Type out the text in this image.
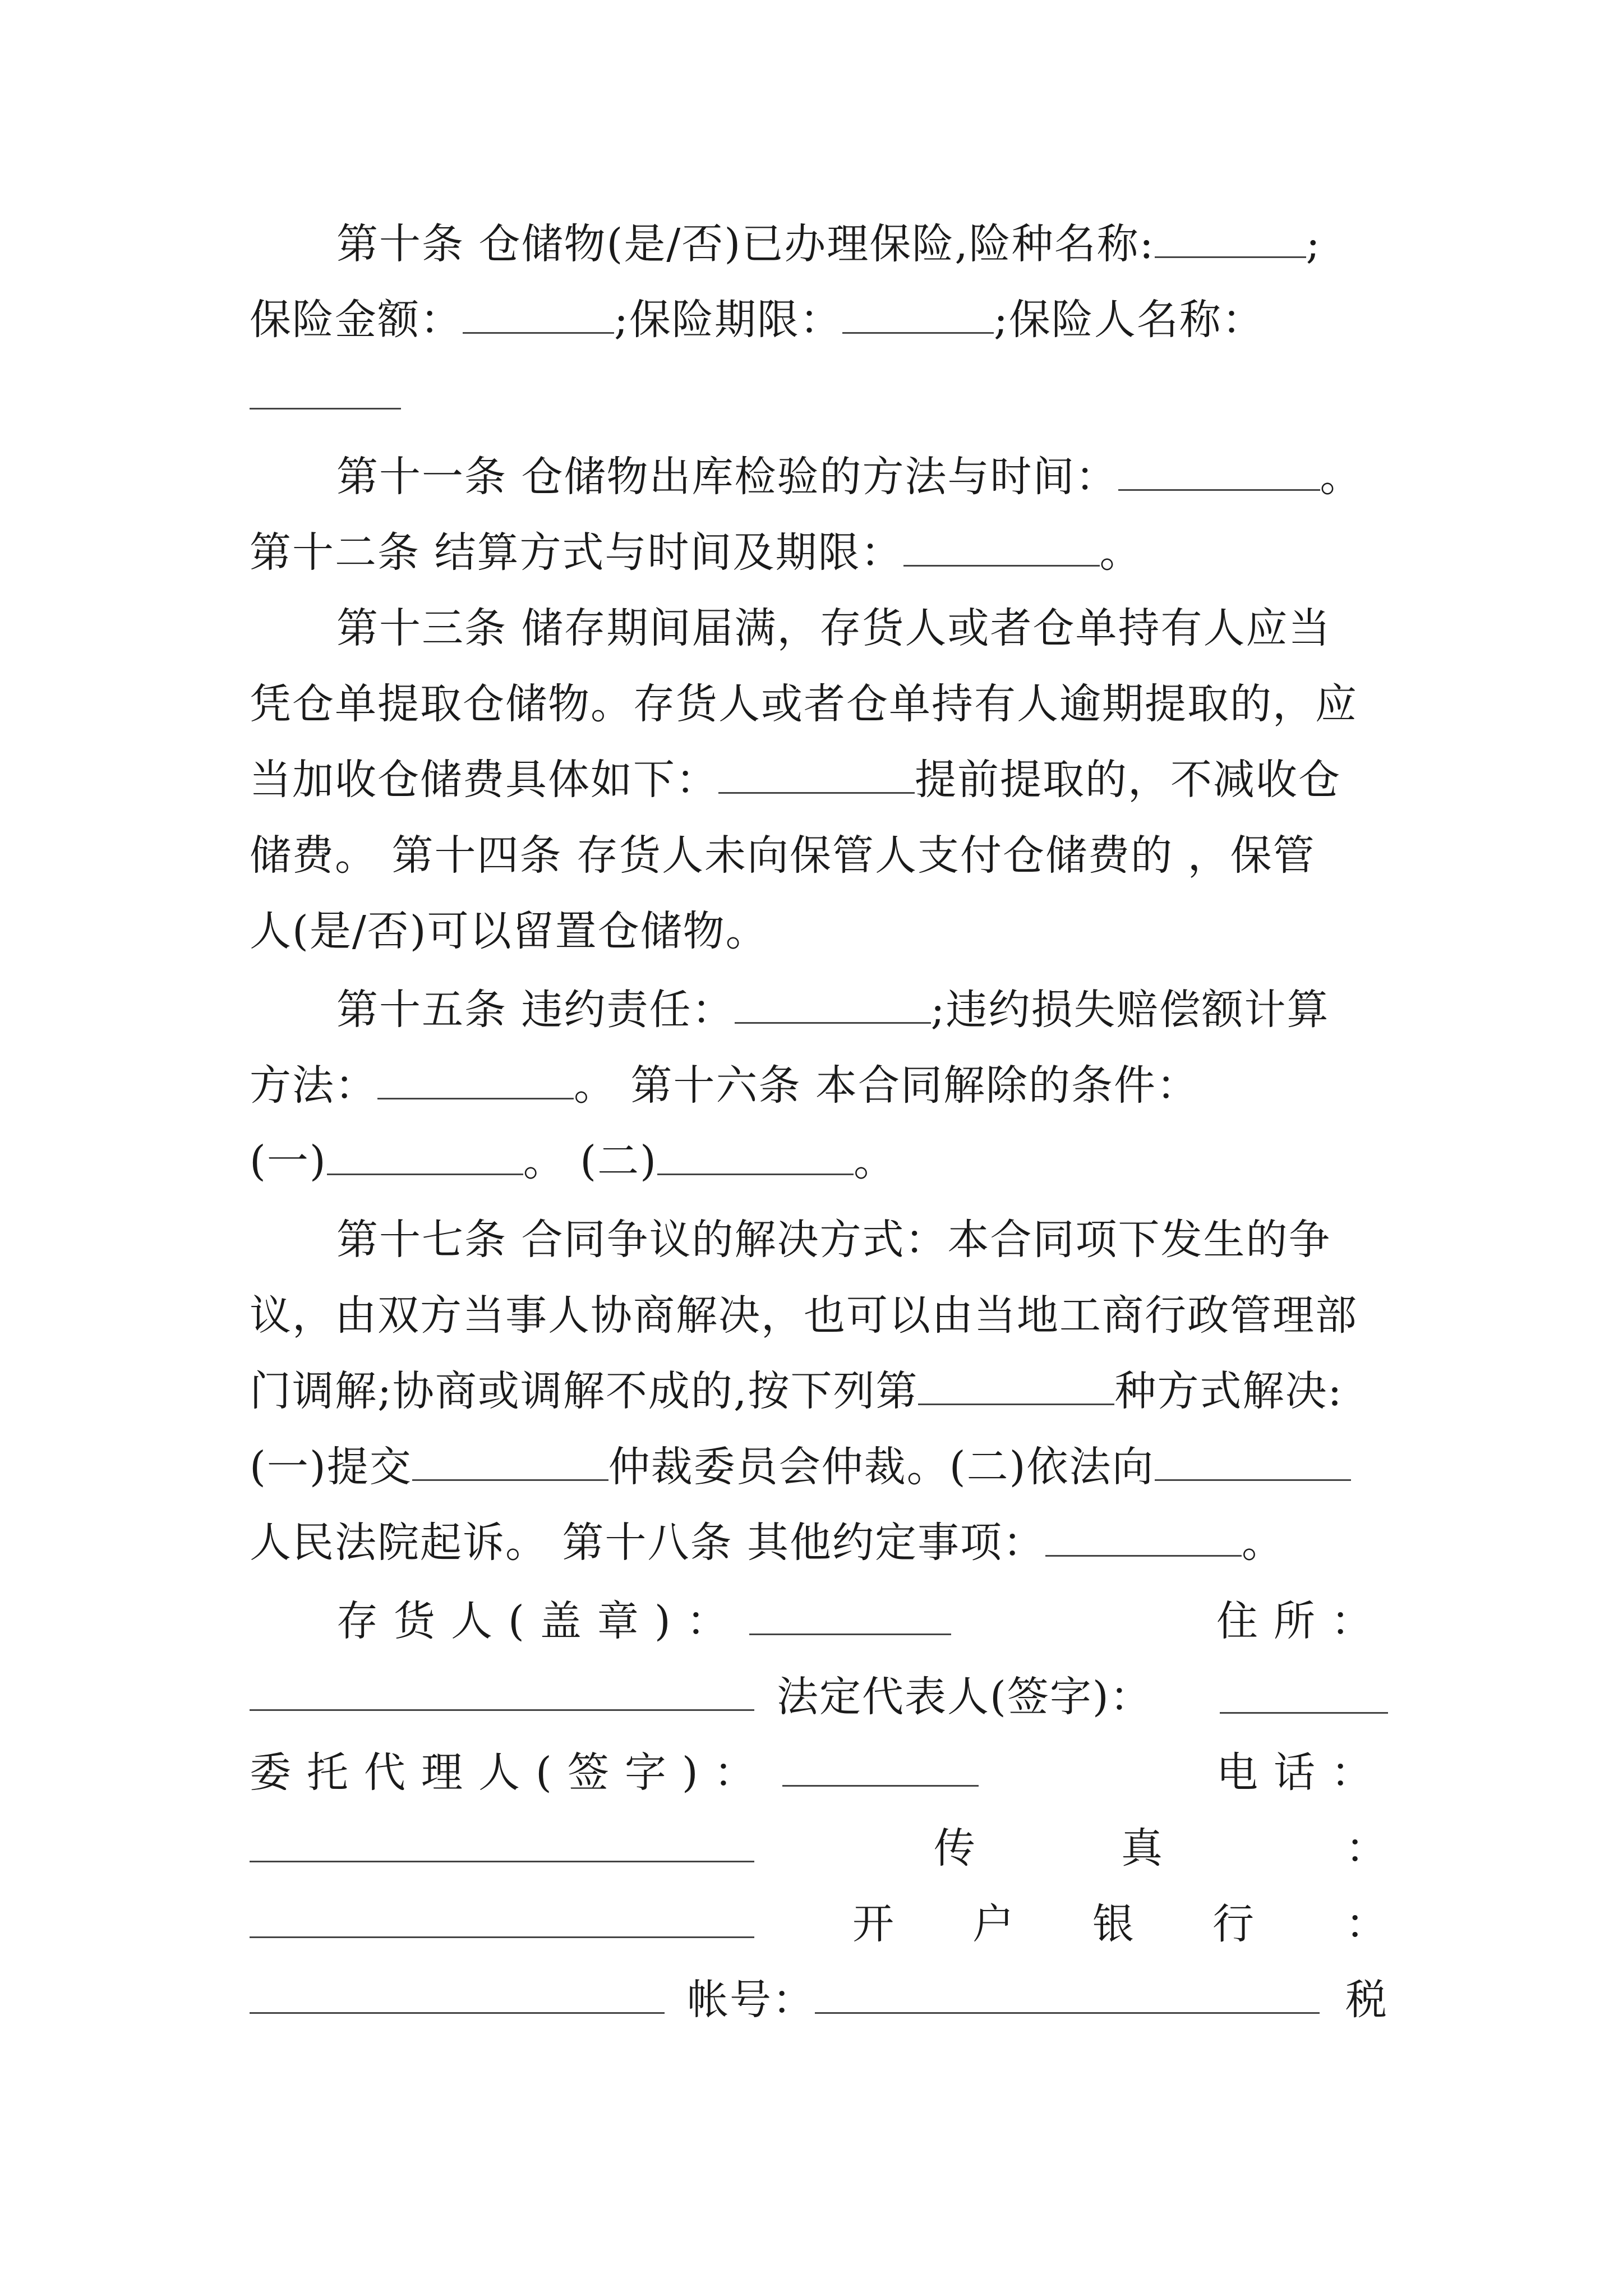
第十条 仓储物(是/否)已办理保险,险种名称:	;
保险金额：	;保险期限：	;保险人名称：
第十一条 仓储物出库检验的方法与时间：	。
第十二条 结算方式与时间及期限：	。
第十三条 储存期间届满，存货人或者仓单持有人应当
凭仓单提取仓储物。存货人或者仓单持有人逾期提取的，应
当加收仓储费具体如下：	提前提取的，不减收仓
储费。 第十四条 存货人未向保管人支付仓储费的 ，保管
人(是/否)可以留置仓储物。
第十五条 违约责任：	;违约损失赔偿额计算
方法：	。 第十六条 本合同解除的条件：
(一)	。 (二)	。
第十七条 合同争议的解决方式：本合同项下发生的争
议，由双方当事人协商解决，也可以由当地工商行政管理部
门调解;协商或调解不成的,按下列第	种方式解决:
(一)提交	仲裁委员会仲裁。(二)依法向
人民法院起诉。 第十八条 其他约定事项：	。
存货人(盖章)：	住所：
法定代表人(签字)：
委托代理人(签字)：	电话：
传真 ：
开户银行 ：
帐号：	税
